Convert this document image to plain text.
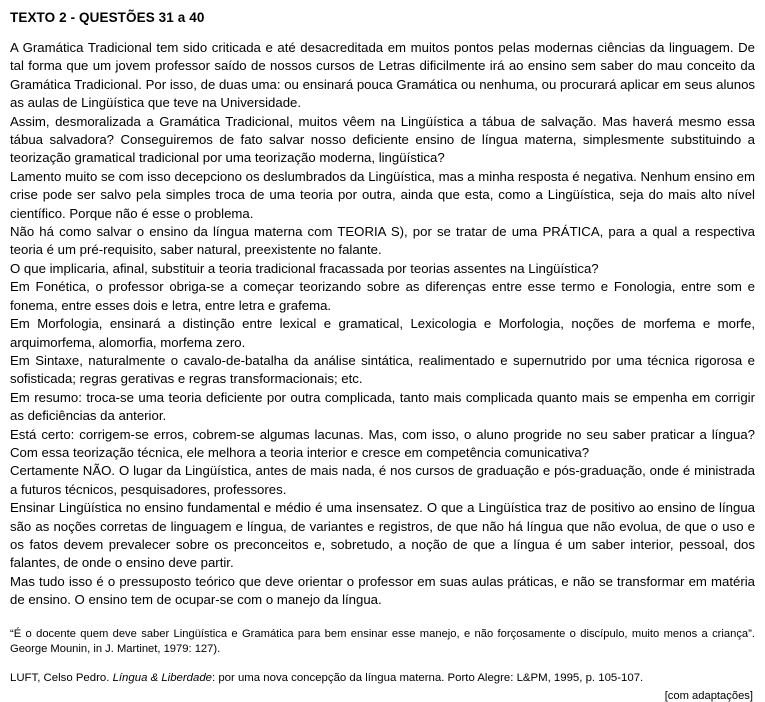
TEXTO 2 - QUESTÕES 31 a 40

A Gramática Tradicional tem sido criticada e até desacreditada em muitos pontos pelas modernas ciências da linguagem. De tal forma que um jovem professor saído de nossos cursos de Letras dificilmente irá ao ensino sem saber do mau conceito da Gramática Tradicional. Por isso, de duas uma: ou ensinará pouca Gramática ou nenhuma, ou procurará aplicar em seus alunos as aulas de Lingüística que teve na Universidade.

Assim, desmoralizada a Gramática Tradicional, muitos vêem na Lingüística a tábua de salvação. Mas haverá mesmo essa tábua salvadora? Conseguiremos de fato salvar nosso deficiente ensino de língua materna, simplesmente substituindo a teorização gramatical tradicional por uma teorização moderna, lingüística?

Lamento muito se com isso decepciono os deslumbrados da Lingüística, mas a minha resposta é negativa. Nenhum ensino em crise pode ser salvo pela simples troca de uma teoria por outra, ainda que esta, como a Lingüística, seja do mais alto nível científico. Porque não é esse o problema.

Não há como salvar o ensino da língua materna com TEORIA S), por se tratar de uma PRÁTICA, para a qual a respectiva teoria é um pré-requisito, saber natural, preexistente no falante.

O que implicaria, afinal, substituir a teoria tradicional fracassada por teorias assentes na Lingüística?

Em Fonética, o professor obriga-se a começar teorizando sobre as diferenças entre esse termo e Fonologia, entre som e fonema, entre esses dois e letra, entre letra e grafema.

Em Morfologia, ensinará a distinção entre lexical e gramatical, Lexicologia e Morfologia, noções de morfema e morfe, arquimorfema, alomorfia, morfema zero.

Em Sintaxe, naturalmente o cavalo-de-batalha da análise sintática, realimentado e supernutrido por uma técnica rigorosa e sofisticada; regras gerativas e regras transformacionais; etc.

Em resumo: troca-se uma teoria deficiente por outra complicada, tanto mais complicada quanto mais se empenha em corrigir as deficiências da anterior.

Está certo: corrigem-se erros, cobrem-se algumas lacunas. Mas, com isso, o aluno progride no seu saber praticar a língua? Com essa teorização técnica, ele melhora a teoria interior e cresce em competência comunicativa?

Certamente NÃO. O lugar da Lingüística, antes de mais nada, é nos cursos de graduação e pós-graduação, onde é ministrada a futuros técnicos, pesquisadores, professores.

Ensinar Lingüística no ensino fundamental e médio é uma insensatez. O que a Lingüística traz de positivo ao ensino de língua são as noções corretas de linguagem e língua, de variantes e registros, de que não há língua que não evolua, de que o uso e os fatos devem prevalecer sobre os preconceitos e, sobretudo, a noção de que a língua é um saber interior, pessoal, dos falantes, de onde o ensino deve partir.

Mas tudo isso é o pressuposto teórico que deve orientar o professor em suas aulas práticas, e não se transformar em matéria de ensino. O ensino tem de ocupar-se com o manejo da língua.

“É o docente quem deve saber Lingüística e Gramática para bem ensinar esse manejo, e não forçosamente o discípulo, muito menos a criança”. George Mounin, in J. Martinet, 1979: 127).
LUFT, Celso Pedro. Língua & Liberdade: por uma nova concepção da língua materna. Porto Alegre: L&PM, 1995, p. 105-107.
[com adaptações]
